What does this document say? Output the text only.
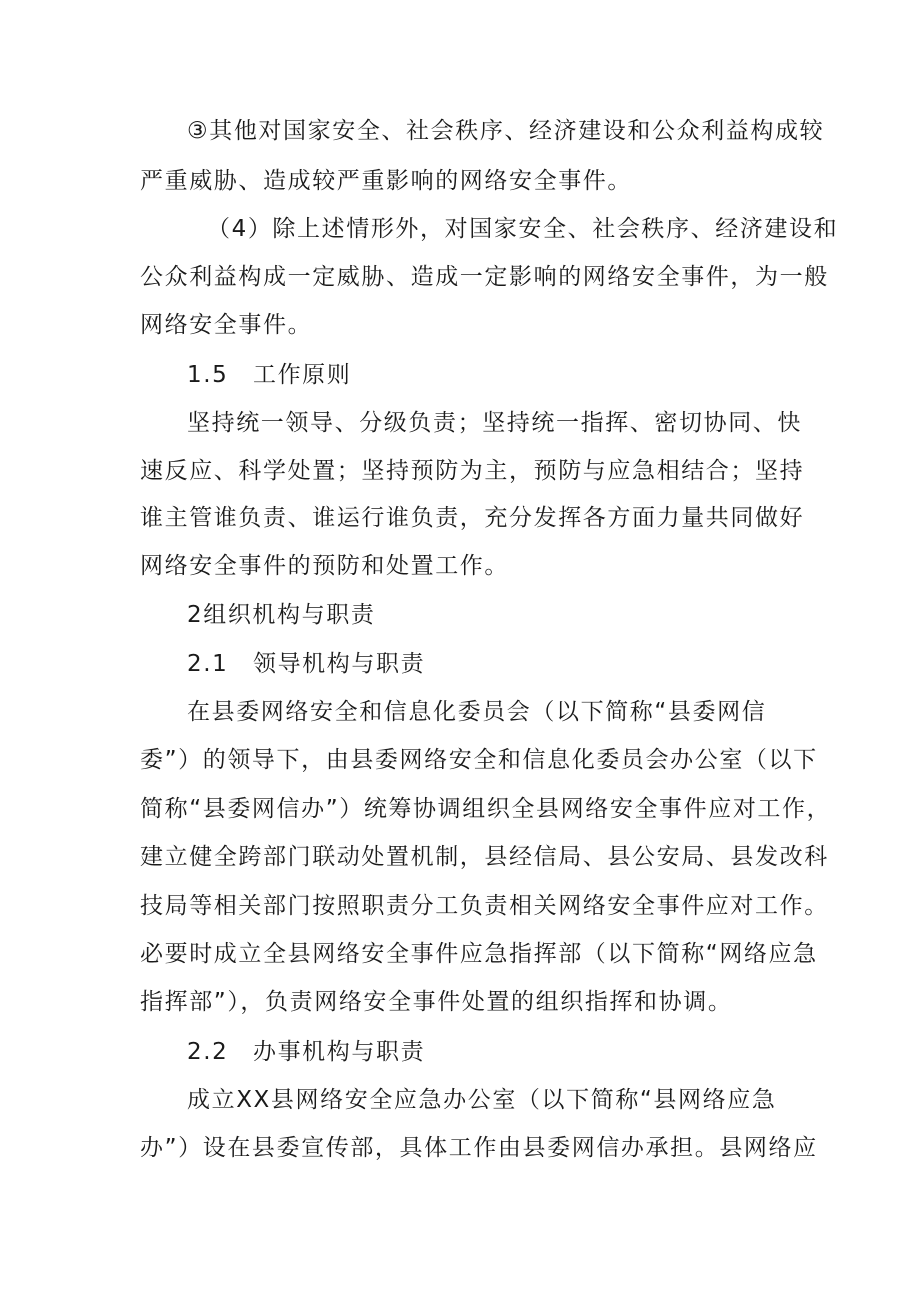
③其他对国家安全、社会秩序、经济建设和公众利益构成较
严重威胁、造成较严重影响的网络安全事件。
（4）除上述情形外，对国家安全、社会秩序、经济建设和
公众利益构成一定威胁、造成一定影响的网络安全事件，为一般
网络安全事件。
1.5　工作原则
坚持统一领导、分级负责；坚持统一指挥、密切协同、快
速反应、科学处置；坚持预防为主，预防与应急相结合；坚持
谁主管谁负责、谁运行谁负责，充分发挥各方面力量共同做好
网络安全事件的预防和处置工作。
2组织机构与职责
2.1　领导机构与职责
在县委网络安全和信息化委员会（以下简称“县委网信
委”）的领导下，由县委网络安全和信息化委员会办公室（以下
简称“县委网信办”）统筹协调组织全县网络安全事件应对工作，
建立健全跨部门联动处置机制，县经信局、县公安局、县发改科
技局等相关部门按照职责分工负责相关网络安全事件应对工作。
必要时成立全县网络安全事件应急指挥部（以下简称“网络应急
指挥部”），负责网络安全事件处置的组织指挥和协调。
2.2　办事机构与职责
成立XX县网络安全应急办公室（以下简称“县网络应急
办”）设在县委宣传部，具体工作由县委网信办承担。县网络应
